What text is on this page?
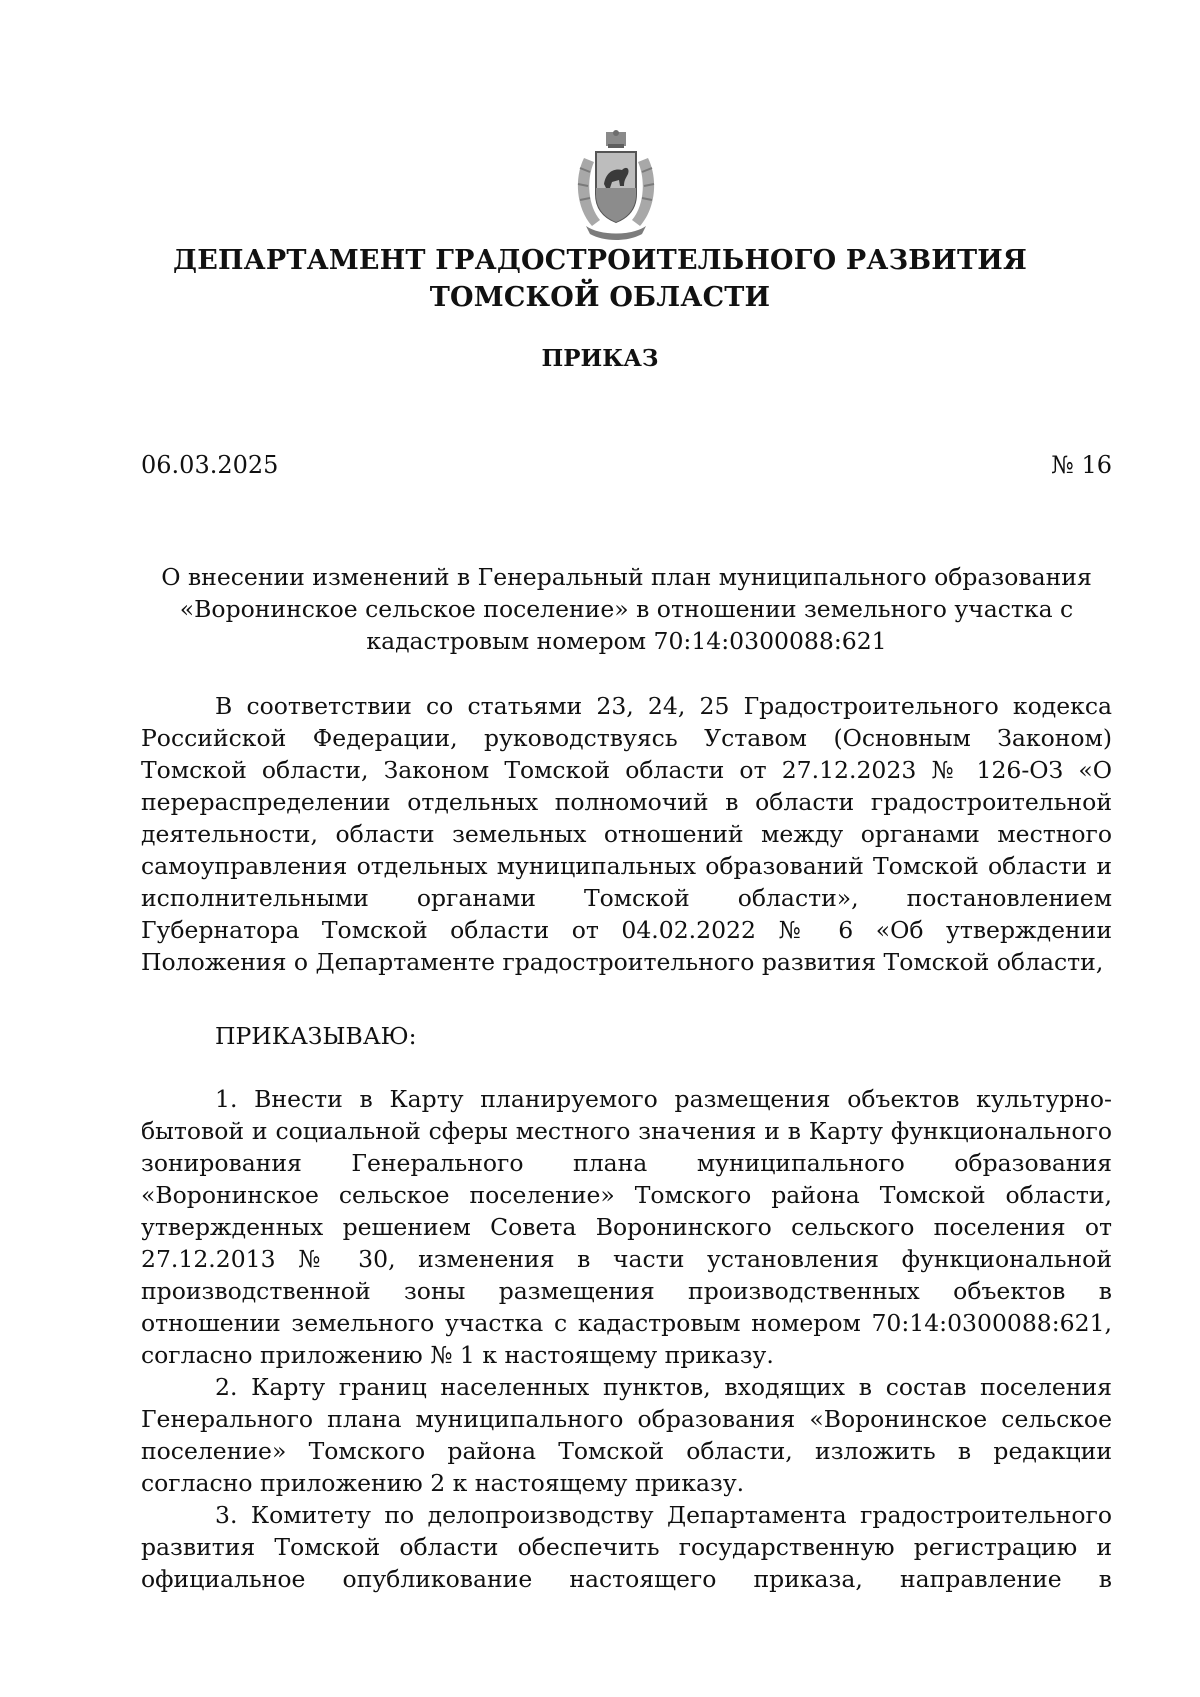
ДЕПАРТАМЕНТ ГРАДОСТРОИТЕЛЬНОГО РАЗВИТИЯ
ТОМСКОЙ ОБЛАСТИ
ПРИКАЗ
06.03.2025	№ 16
О внесении изменений в Генеральный план муниципального образования
«Воронинское сельское поселение» в отношении земельного участка с
кадастровым номером 70:14:0300088:621

В соответствии со статьями 23, 24, 25 Градостроительного кодекса Российской Федерации, руководствуясь Уставом (Основным Законом) Томской области, Законом Томской области от 27.12.2023 № 126-ОЗ «О перераспределении отдельных полномочий в области градостроительной деятельности, области земельных отношений между органами местного самоуправления отдельных муниципальных образований Томской области и исполнительными органами Томской области», постановлением Губернатора Томской области от 04.02.2022 № 6 «Об утверждении Положения о Департаменте градостроительного развития Томской области,

ПРИКАЗЫВАЮ:

1. Внести в Карту планируемого размещения объектов культурно-бытовой и социальной сферы местного значения и в Карту функционального зонирования Генерального плана муниципального образования «Воронинское сельское поселение» Томского района Томской области, утвержденных решением Совета Воронинского сельского поселения от 27.12.2013 № 30, изменения в части установления функциональной производственной зоны размещения производственных объектов в отношении земельного участка с кадастровым номером 70:14:0300088:621, согласно приложению № 1 к настоящему приказу.

2. Карту границ населенных пунктов, входящих в состав поселения Генерального плана муниципального образования «Воронинское сельское поселение» Томского района Томской области, изложить в редакции согласно приложению 2 к настоящему приказу.

3. Комитету по делопроизводству Департамента градостроительного развития Томской области обеспечить государственную регистрацию и официальное опубликование настоящего приказа, направление в
